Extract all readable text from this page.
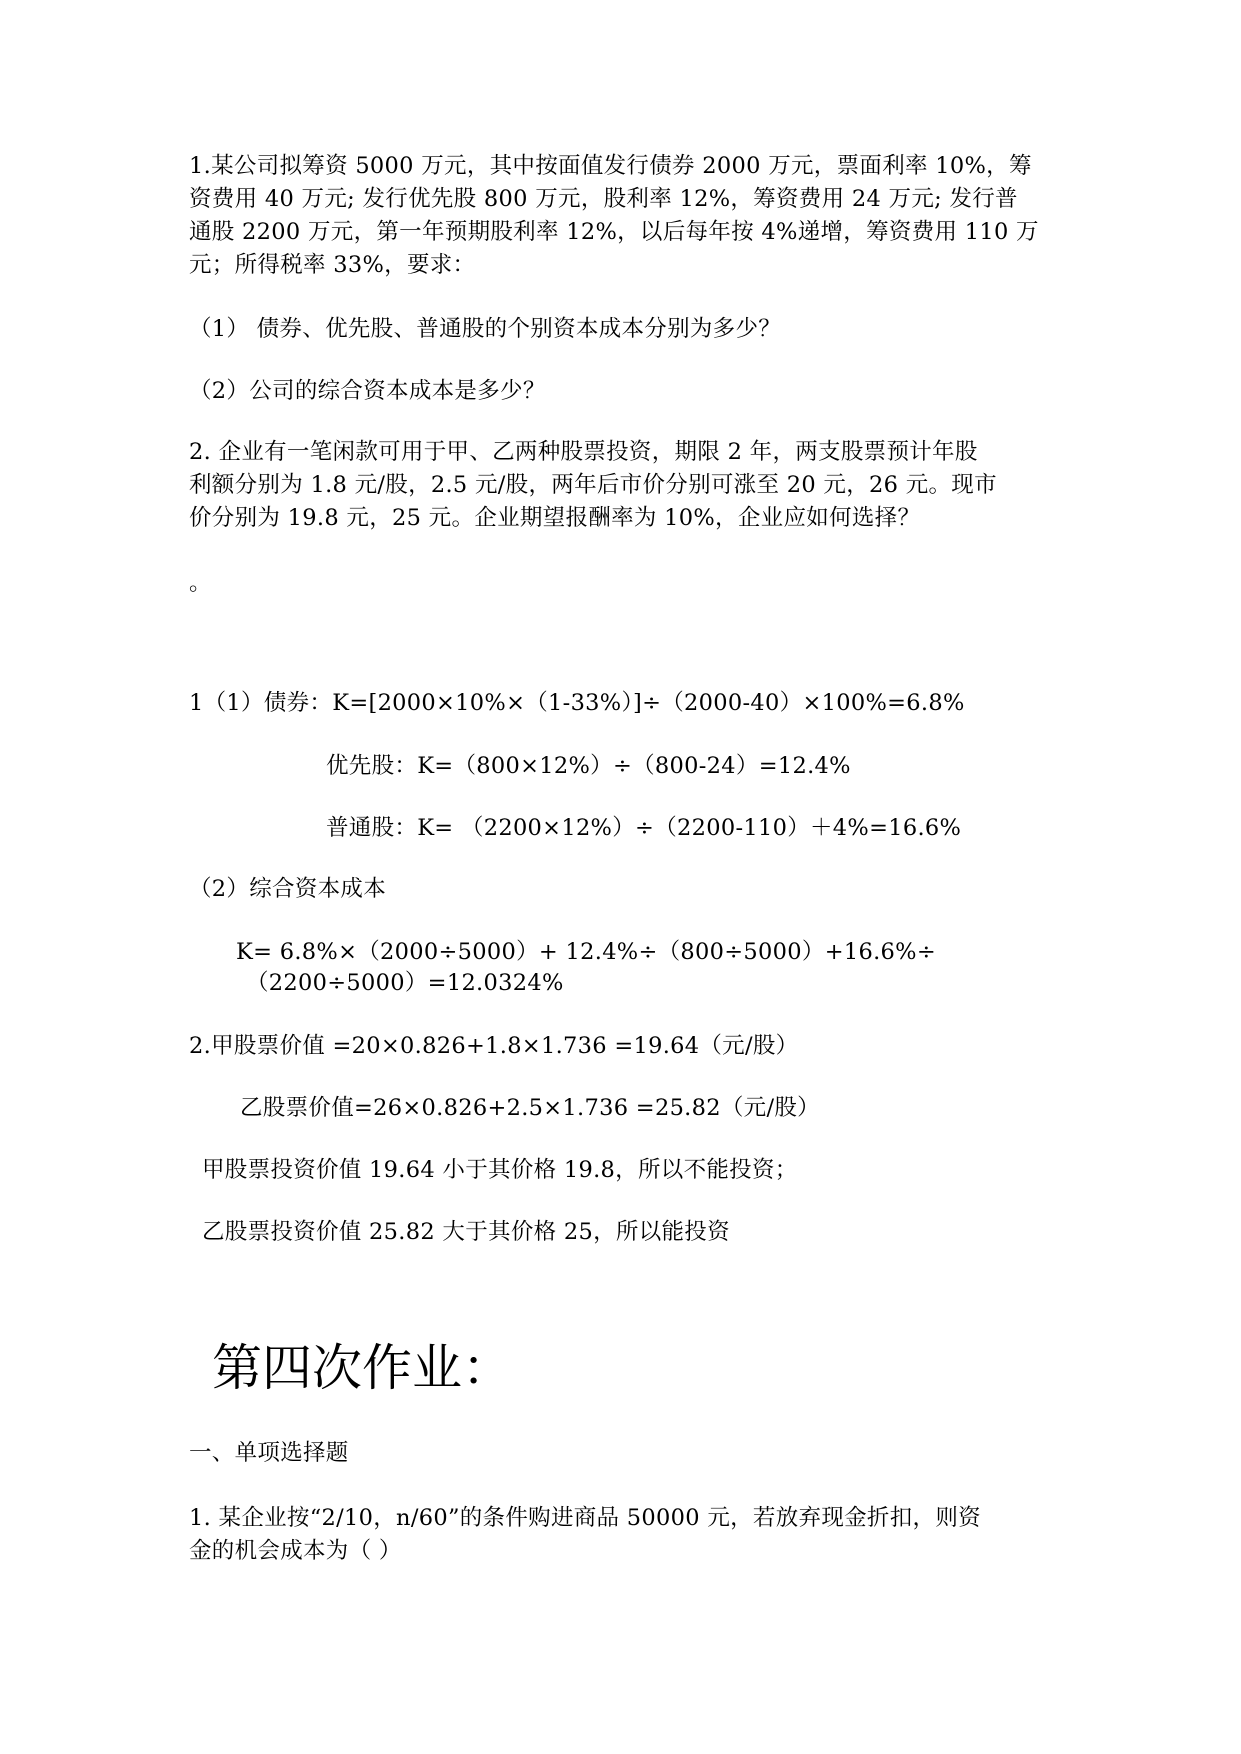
1.某公司拟筹资 5000 万元，其中按面值发行债券 2000 万元，票面利率 10%，筹
资费用 40 万元; 发行优先股 800 万元，股利率 12%，筹资费用 24 万元; 发行普
通股 2200 万元，第一年预期股利率 12%，以后每年按 4%递增，筹资费用 110 万
元；所得税率 33%，要求：
（1） 债券、优先股、普通股的个别资本成本分别为多少？
（2）公司的综合资本成本是多少？
2. 企业有一笔闲款可用于甲、乙两种股票投资，期限 2 年，两支股票预计年股
利额分别为 1.8 元/股，2.5 元/股，两年后市价分别可涨至 20 元，26 元。现市
价分别为 19.8 元，25 元。企业期望报酬率为 10%，企业应如何选择？
。
1（1）债券：K=[2000×10%×（1-33%）]÷（2000-40）×100%=6.8%
优先股：K=（800×12%）÷（800-24）=12.4%
普通股：K= （2200×12%）÷（2200-110）＋4%=16.6%
（2）综合资本成本
K= 6.8%×（2000÷5000）+ 12.4%÷（800÷5000）+16.6%÷
（2200÷5000）=12.0324%
2.甲股票价值 =20×0.826+1.8×1.736 =19.64（元/股）
乙股票价值=26×0.826+2.5×1.736 =25.82（元/股）
甲股票投资价值 19.64 小于其价格 19.8，所以不能投资；
乙股票投资价值 25.82 大于其价格 25，所以能投资
第四次作业：
一、单项选择题
1. 某企业按“2/10，n/60”的条件购进商品 50000 元，若放弃现金折扣，则资
金的机会成本为（ ）
